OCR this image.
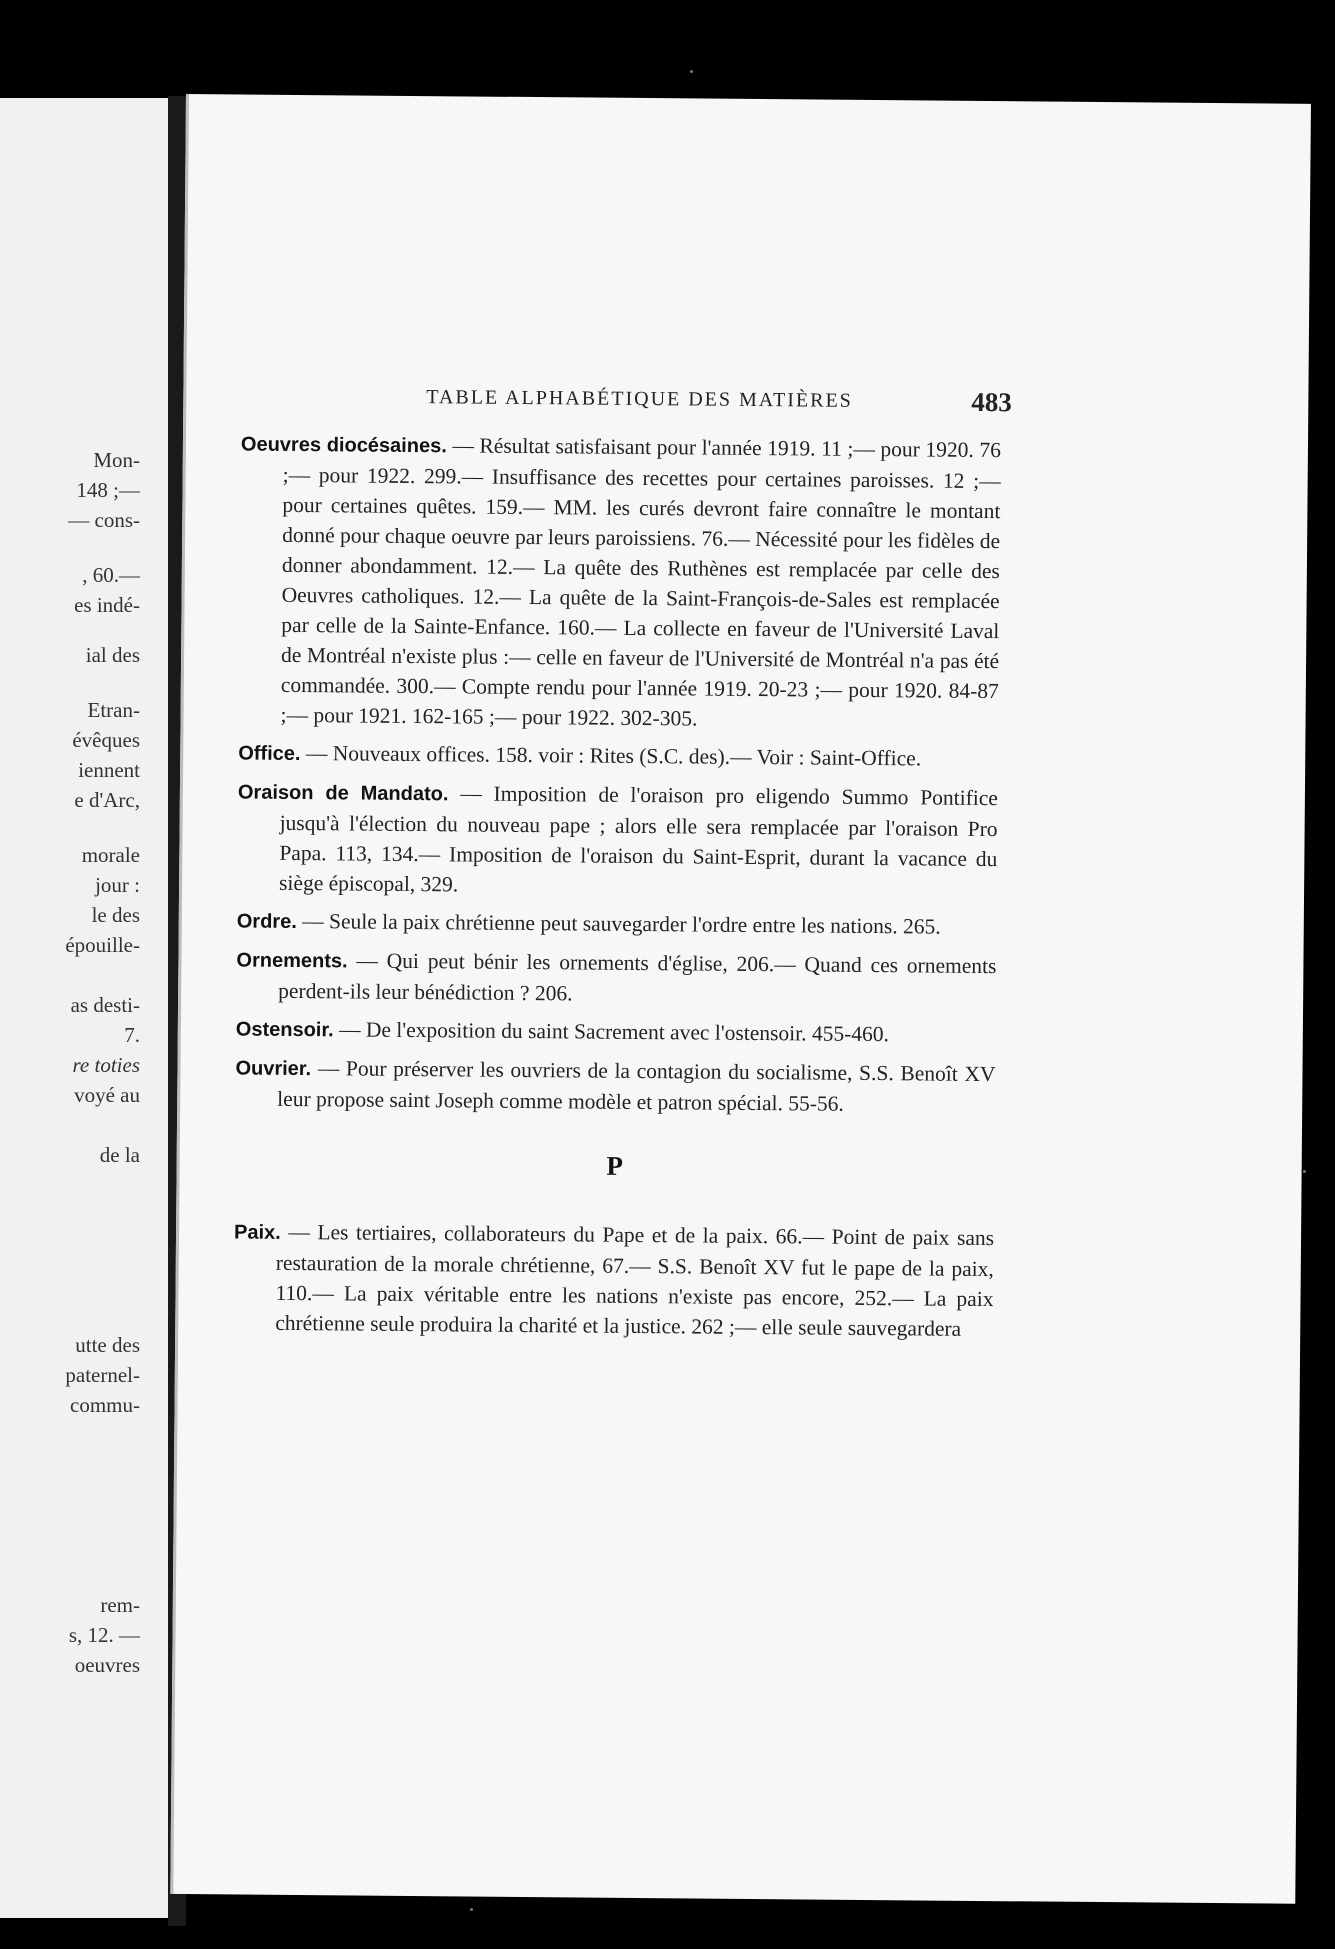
Mon-
148 ;—
— cons-
, 60.—
es indé-
ial des
Etran-
évêques
iennent
e d'Arc,
morale
jour :
le des
épouille-
as desti-
7.
re toties
voyé au
de la
utte des
paternel-
commu-
rem-
s, 12. —
oeuvres
TABLE ALPHABÉTIQUE DES MATIÈRES	483
Oeuvres diocésaines. — Résultat satisfaisant pour l'année 1919. 11 ;— pour 1920. 76 ;— pour 1922. 299.— Insuffisance des recettes pour certaines paroisses. 12 ;— pour certaines quêtes. 159.— MM. les curés devront faire connaître le montant donné pour chaque oeuvre par leurs paroissiens. 76.— Nécessité pour les fidèles de donner abondamment. 12.— La quête des Ruthènes est remplacée par celle des Oeuvres catholiques. 12.— La quête de la Saint-François-de-Sales est remplacée par celle de la Sainte-Enfance. 160.— La collecte en faveur de l'Université Laval de Montréal n'existe plus :— celle en faveur de l'Université de Montréal n'a pas été commandée. 300.— Compte rendu pour l'année 1919. 20-23 ;— pour 1920. 84-87 ;— pour 1921. 162-165 ;— pour 1922. 302-305.
Office. — Nouveaux offices. 158. voir : Rites (S.C. des).— Voir : Saint-Office.
Oraison de Mandato. — Imposition de l'oraison pro eligendo Summo Pontifice jusqu'à l'élection du nouveau pape ; alors elle sera remplacée par l'oraison Pro Papa. 113, 134.— Imposition de l'oraison du Saint-Esprit, durant la vacance du siège épiscopal, 329.
Ordre. — Seule la paix chrétienne peut sauvegarder l'ordre entre les nations. 265.
Ornements. — Qui peut bénir les ornements d'église, 206.— Quand ces ornements perdent-ils leur bénédiction ? 206.
Ostensoir. — De l'exposition du saint Sacrement avec l'ostensoir. 455-460.
Ouvrier. — Pour préserver les ouvriers de la contagion du socialisme, S.S. Benoît XV leur propose saint Joseph comme modèle et patron spécial. 55-56.
P
Paix. — Les tertiaires, collaborateurs du Pape et de la paix. 66.— Point de paix sans restauration de la morale chrétienne, 67.— S.S. Benoît XV fut le pape de la paix, 110.— La paix véritable entre les nations n'existe pas encore, 252.— La paix chrétienne seule produira la charité et la justice. 262 ;— elle seule sauvegardera
